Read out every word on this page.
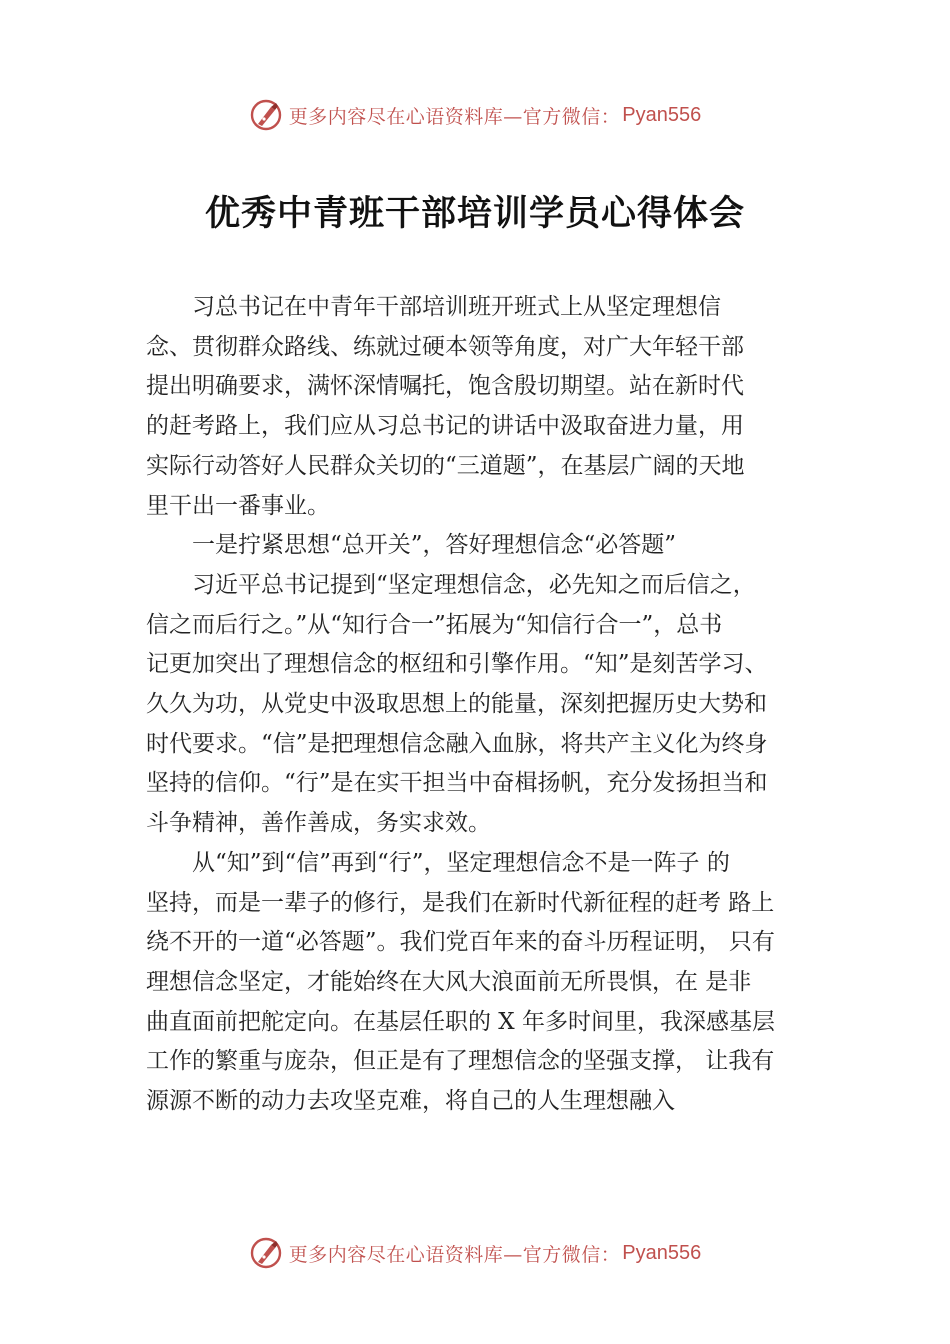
更多内容尽在心语资料库—官方微信： Pyan556
优秀中青班干部培训学员心得体会

习总书记在中青年干部培训班开班式上从坚定理想信
念、贯彻群众路线、练就过硬本领等角度，对广大年轻干部
提出明确要求，满怀深情嘱托，饱含殷切期望。站在新时代
的赶考路上，我们应从习总书记的讲话中汲取奋进力量，用
实际行动答好人民群众关切的“三道题”，在基层广阔的天地
里干出一番事业。

一是拧紧思想“总开关”，答好理想信念“必答题”

习近平总书记提到“坚定理想信念，必先知之而后信之，
信之而后行之。”从“知行合一”拓展为“知信行合一”，总书
记更加突出了理想信念的枢纽和引擎作用。“知”是刻苦学习、
久久为功，从党史中汲取思想上的能量，深刻把握历史大势和
时代要求。“信”是把理想信念融入血脉，将共产主义化为终身
坚持的信仰。“行”是在实干担当中奋楫扬帆，充分发扬担当和
斗争精神，善作善成，务实求效。

从“知”到“信”再到“行”，坚定理想信念不是一阵子 的
坚持，而是一辈子的修行，是我们在新时代新征程的赶考 路上
绕不开的一道“必答题”。我们党百年来的奋斗历程证明， 只有
理想信念坚定，才能始终在大风大浪面前无所畏惧，在 是非
曲直面前把舵定向。在基层任职的 X 年多时间里，我深感基层
工作的繁重与庞杂，但正是有了理想信念的坚强支撑， 让我有
源源不断的动力去攻坚克难，将自己的人生理想融入

更多内容尽在心语资料库—官方微信： Pyan556
